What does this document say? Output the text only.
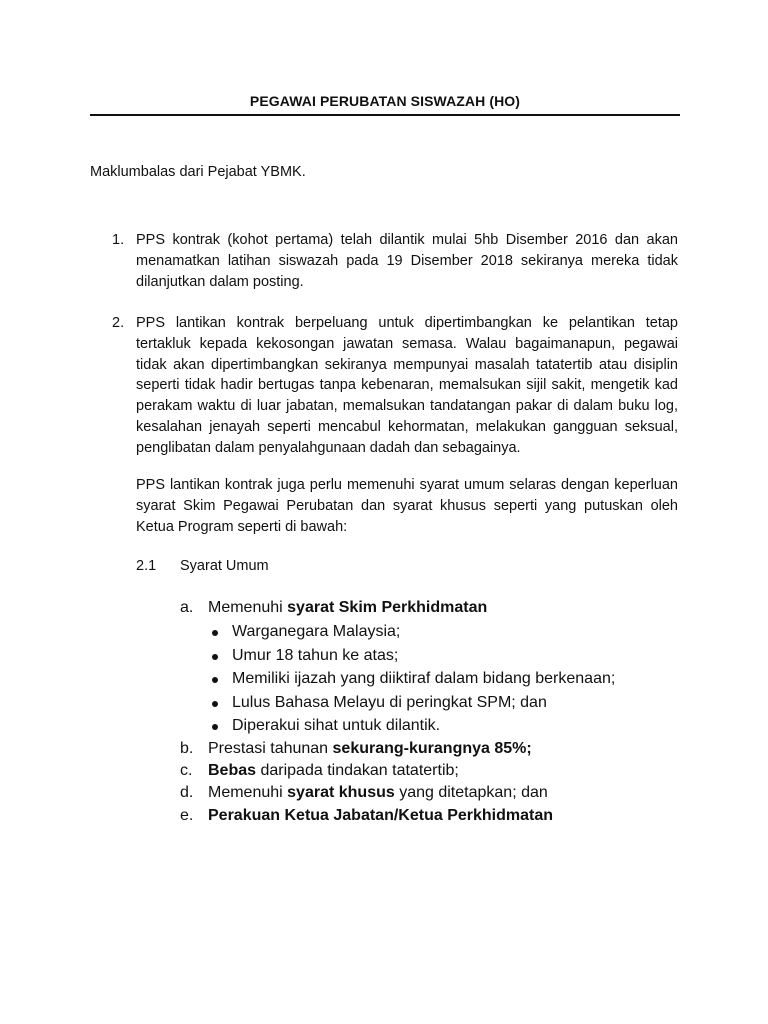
PEGAWAI PERUBATAN SISWAZAH (HO)
Maklumbalas dari Pejabat YBMK.
1. PPS kontrak (kohot pertama) telah dilantik mulai 5hb Disember 2016 dan akan menamatkan latihan siswazah pada 19 Disember 2018 sekiranya mereka tidak dilanjutkan dalam posting.
2. PPS lantikan kontrak berpeluang untuk dipertimbangkan ke pelantikan tetap tertakluk kepada kekosongan jawatan semasa. Walau bagaimanapun, pegawai tidak akan dipertimbangkan sekiranya mempunyai masalah tatatertib atau disiplin seperti tidak hadir bertugas tanpa kebenaran, memalsukan sijil sakit, mengetik kad perakam waktu di luar jabatan, memalsukan tandatangan pakar di dalam buku log, kesalahan jenayah seperti mencabul kehormatan, melakukan gangguan seksual, penglibatan dalam penyalahgunaan dadah dan sebagainya.
PPS lantikan kontrak juga perlu memenuhi syarat umum selaras dengan keperluan syarat Skim Pegawai Perubatan dan syarat khusus seperti yang putuskan oleh Ketua Program seperti di bawah:
2.1 Syarat Umum
a. Memenuhi syarat Skim Perkhidmatan
Warganegara Malaysia;
Umur 18 tahun ke atas;
Memiliki ijazah yang diiktiraf dalam bidang berkenaan;
Lulus Bahasa Melayu di peringkat SPM; dan
Diperakui sihat untuk dilantik.
b. Prestasi tahunan sekurang-kurangnya 85%;
c. Bebas daripada tindakan tatatertib;
d. Memenuhi syarat khusus yang ditetapkan; dan
e. Perakuan Ketua Jabatan/Ketua Perkhidmatan
